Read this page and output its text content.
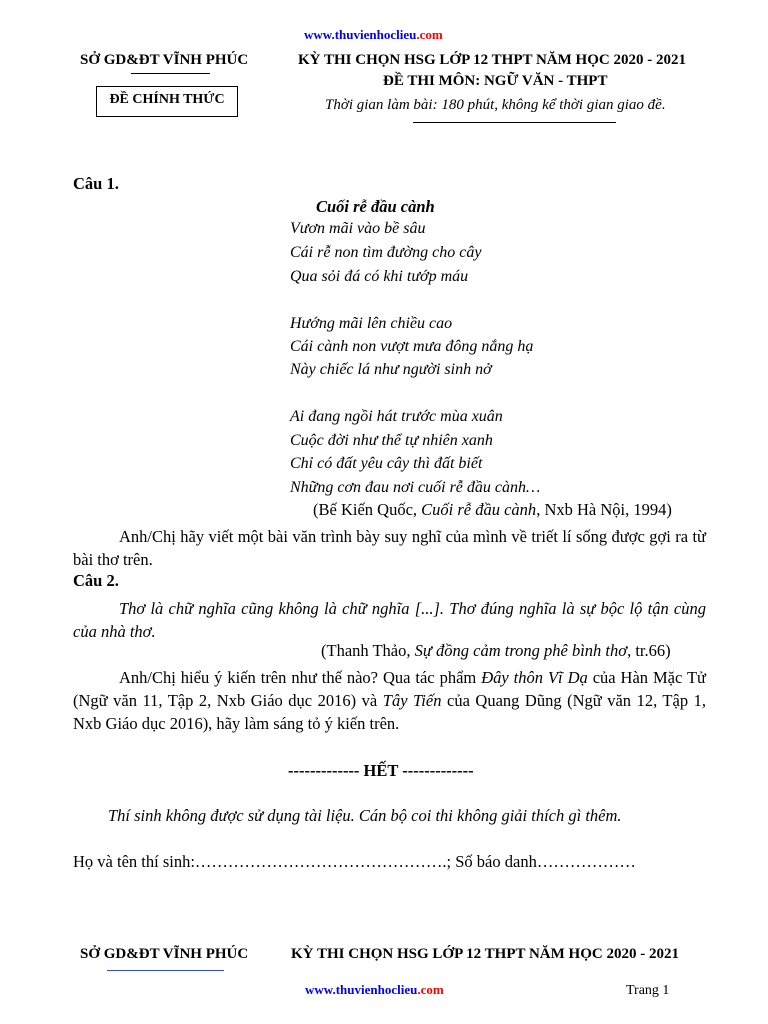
www.thuvienhoclieu.com
SỞ GD&ĐT VĨNH PHÚC
ĐỀ CHÍNH THỨC
KỲ THI CHỌN HSG LỚP 12 THPT NĂM HỌC 2020 - 2021
ĐỀ THI MÔN: NGỮ VĂN - THPT
Thời gian làm bài: 180 phút, không kể thời gian giao đề.
Câu 1.
Cuối rễ đầu cành
Vươn mãi vào bề sâu
Cái rễ non tìm đường cho cây
Qua sỏi đá có khi tướp máu
Hướng mãi lên chiều cao
Cái cành non vượt mưa đông nắng hạ
Này chiếc lá như người sinh nở
Ai đang ngồi hát trước mùa xuân
Cuộc đời như thể tự nhiên xanh
Chỉ có đất yêu cây thì đất biết
Những cơn đau nơi cuối rễ đầu cành…
(Bế Kiến Quốc, Cuối rễ đầu cành, Nxb Hà Nội, 1994)
Anh/Chị hãy viết một bài văn trình bày suy nghĩ của mình về triết lí sống được gợi ra từ bài thơ trên.
Câu 2.
Thơ là chữ nghĩa cũng không là chữ nghĩa [...]. Thơ đúng nghĩa là sự bộc lộ tận cùng của nhà thơ.
(Thanh Thảo, Sự đồng cảm trong phê bình thơ, tr.66)
Anh/Chị hiểu ý kiến trên như thế nào? Qua tác phẩm Đây thôn Vĩ Dạ của Hàn Mặc Tử (Ngữ văn 11, Tập 2, Nxb Giáo dục 2016) và Tây Tiến của Quang Dũng (Ngữ văn 12, Tập 1, Nxb Giáo dục 2016), hãy làm sáng tỏ ý kiến trên.
------------- HẾT -------------
Thí sinh không được sử dụng tài liệu. Cán bộ coi thi không giải thích gì thêm.
Họ và tên thí sinh:……………………………………….; Số báo danh………………
SỞ GD&ĐT VĨNH PHÚC	KỲ THI CHỌN HSG LỚP 12 THPT NĂM HỌC 2020 - 2021
www.thuvienhoclieu.com	Trang 1
